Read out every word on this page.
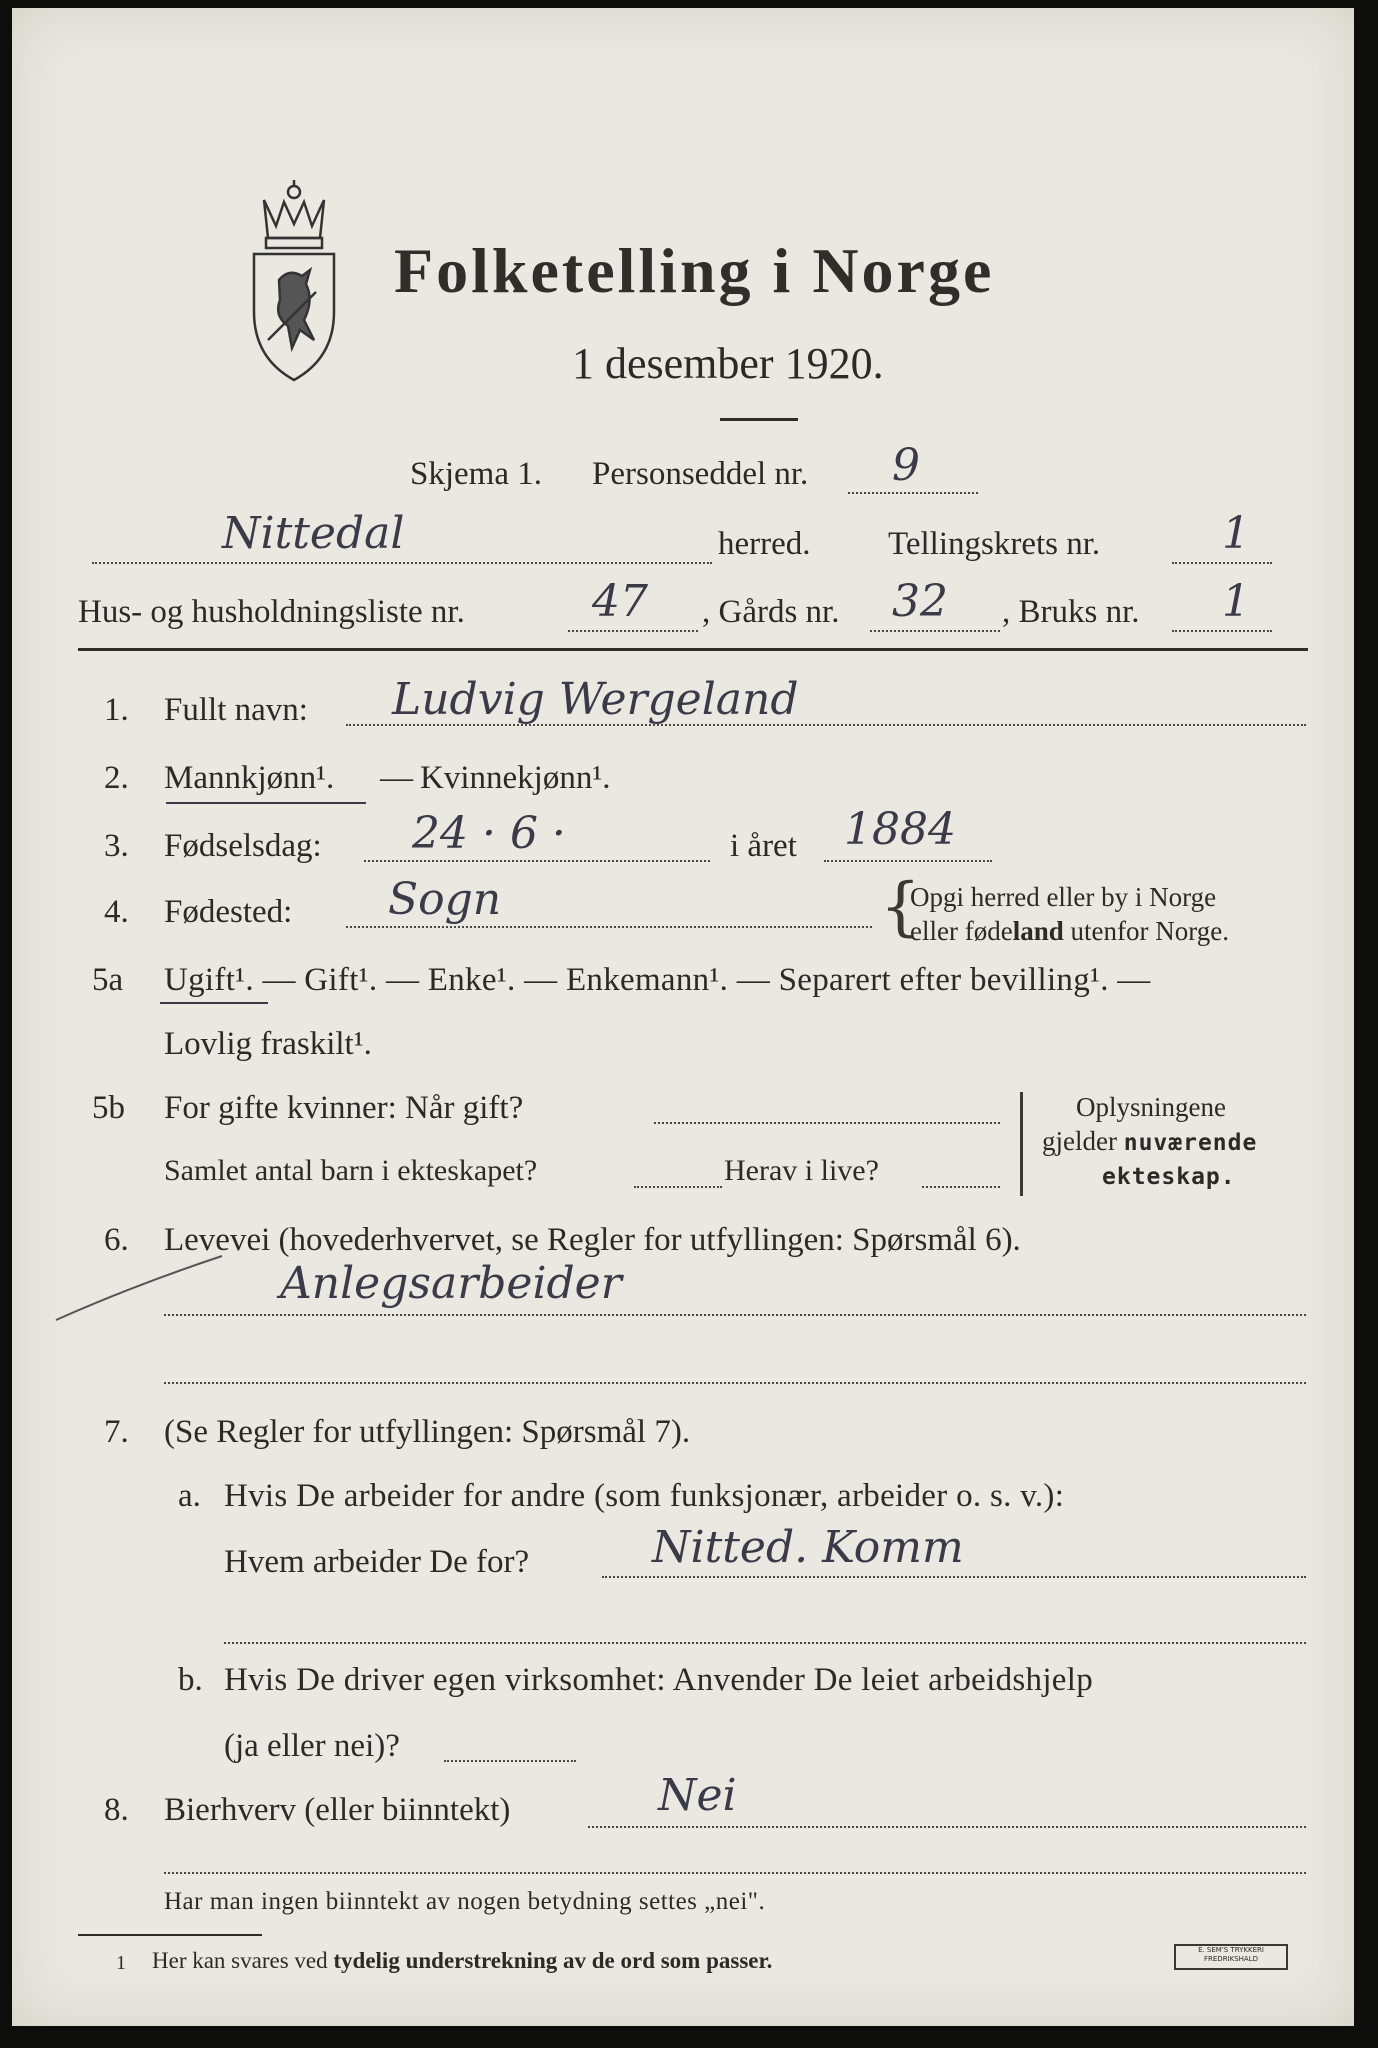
Folketelling i Norge
1 desember 1920.
Skjema 1. Personseddel nr. 9
Nittedal	herred. Tellingskrets nr.	1
Hus- og husholdningsliste nr.	47 , Gårds nr. 32 , Bruks nr. 1
1. Fullt navn: Ludvig Wergeland
2. Mannkjønn¹. — Kvinnekjønn¹.
3. Fødselsdag: 24 · 6 ·	i året 1884
4. Fødested: Sogn	{
Opgi herred eller by i Norge
eller fødeland utenfor Norge.
5a Ugift¹. — Gift¹. — Enke¹. — Enkemann¹. — Separert efter bevilling¹. —
Lovlig fraskilt¹.
5b For gifte kvinner: Når gift?
Samlet antal barn i ekteskapet?	Herav i live?
Oplysningene
gjelder nuværende
ekteskap.
6. Levevei (hovederhvervet, se Regler for utfyllingen: Spørsmål 6).
Anlegsarbeider
7. (Se Regler for utfyllingen: Spørsmål 7).
a. Hvis De arbeider for andre (som funksjonær, arbeider o. s. v.):
Hvem arbeider De for?	Nitted. Komm
b. Hvis De driver egen virksomhet: Anvender De leiet arbeidshjelp
(ja eller nei)?
8. Bierhverv (eller biinntekt)	Nei
Har man ingen biinntekt av nogen betydning settes „nei".
1 Her kan svares ved tydelig understrekning av de ord som passer.	E. SEM'S TRYKKERI
FREDRIKSHALD
